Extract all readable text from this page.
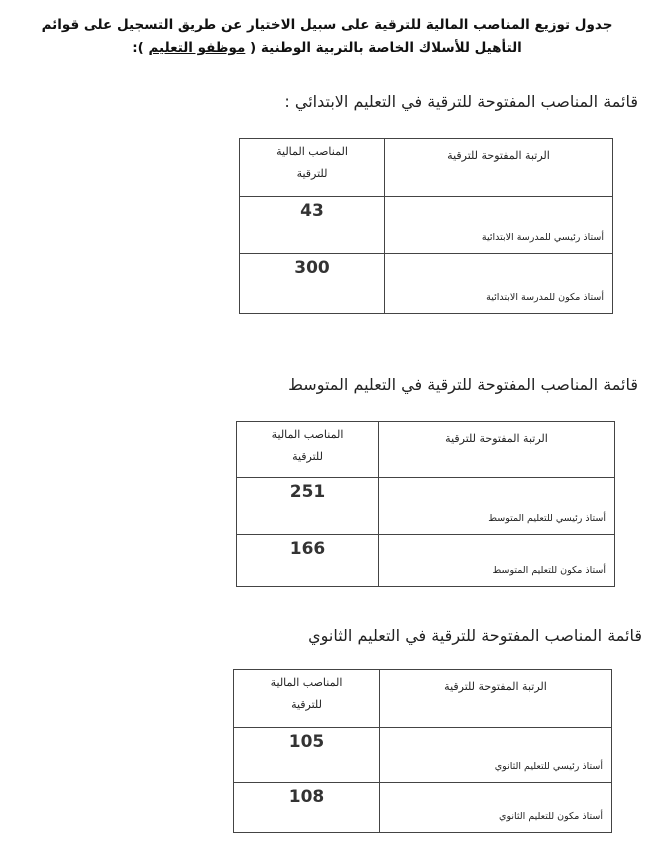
جدول توزيع المناصب المالية للترقية على سبيل الاختيار عن طريق التسجيل على قوائم
التأهيل للأسلاك الخاصة بالتربية الوطنية ( موظفو التعليم ):
قائمة المناصب المفتوحة للترقية في التعليم الابتدائي :
الرتبة المفتوحة للترقية	المناصب المالية
للترقية

أستاذ رئيسي للمدرسة الابتدائية	43
أستاذ مكون للمدرسة الابتدائية	300
قائمة المناصب المفتوحة للترقية في التعليم المتوسط
الرتبة المفتوحة للترقية	المناصب المالية
للترقية

أستاذ رئيسي للتعليم المتوسط	251
أستاذ مكون للتعليم المتوسط	166
قائمة المناصب المفتوحة للترقية في التعليم الثانوي
الرتبة المفتوحة للترقية	المناصب المالية
للترقية

أستاذ رئيسي للتعليم الثانوي	105
أستاذ مكون للتعليم الثانوي	108
